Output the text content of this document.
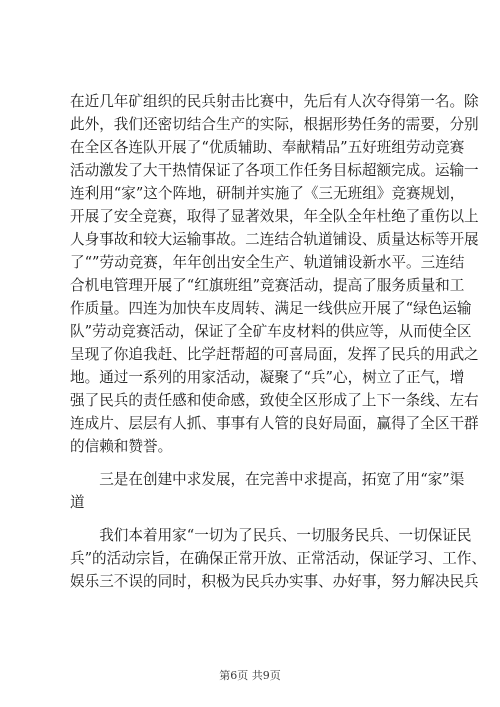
在近几年矿组织的民兵射击比赛中，先后有人次夺得第一名。除
此外，我们还密切结合生产的实际，根据形势任务的需要，分别
在全区各连队开展了“优质辅助、奉献精品”五好班组劳动竞赛
活动激发了大干热情保证了各项工作任务目标超额完成。运输一
连利用“家”这个阵地，研制并实施了《三无班组》竞赛规划，
开展了安全竞赛，取得了显著效果，年全队全年杜绝了重伤以上
人身事故和较大运输事故。二连结合轨道铺设、质量达标等开展
了“”劳动竞赛，年年创出安全生产、轨道铺设新水平。三连结
合机电管理开展了“红旗班组”竞赛活动，提高了服务质量和工
作质量。四连为加快车皮周转、满足一线供应开展了“绿色运输
队”劳动竞赛活动，保证了全矿车皮材料的供应等，从而使全区
呈现了你追我赶、比学赶帮超的可喜局面，发挥了民兵的用武之
地。通过一系列的用家活动，凝聚了“兵”心，树立了正气，增
强了民兵的责任感和使命感，致使全区形成了上下一条线、左右
连成片、层层有人抓、事事有人管的良好局面，赢得了全区干群
的信赖和赞誉。
　　三是在创建中求发展，在完善中求提高，拓宽了用“家”渠
道
　　我们本着用家“一切为了民兵、一切服务民兵、一切保证民
兵”的活动宗旨，在确保正常开放、正常活动，保证学习、工作、
娱乐三不误的同时，积极为民兵办实事、办好事，努力解决民兵
第6页 共9页
